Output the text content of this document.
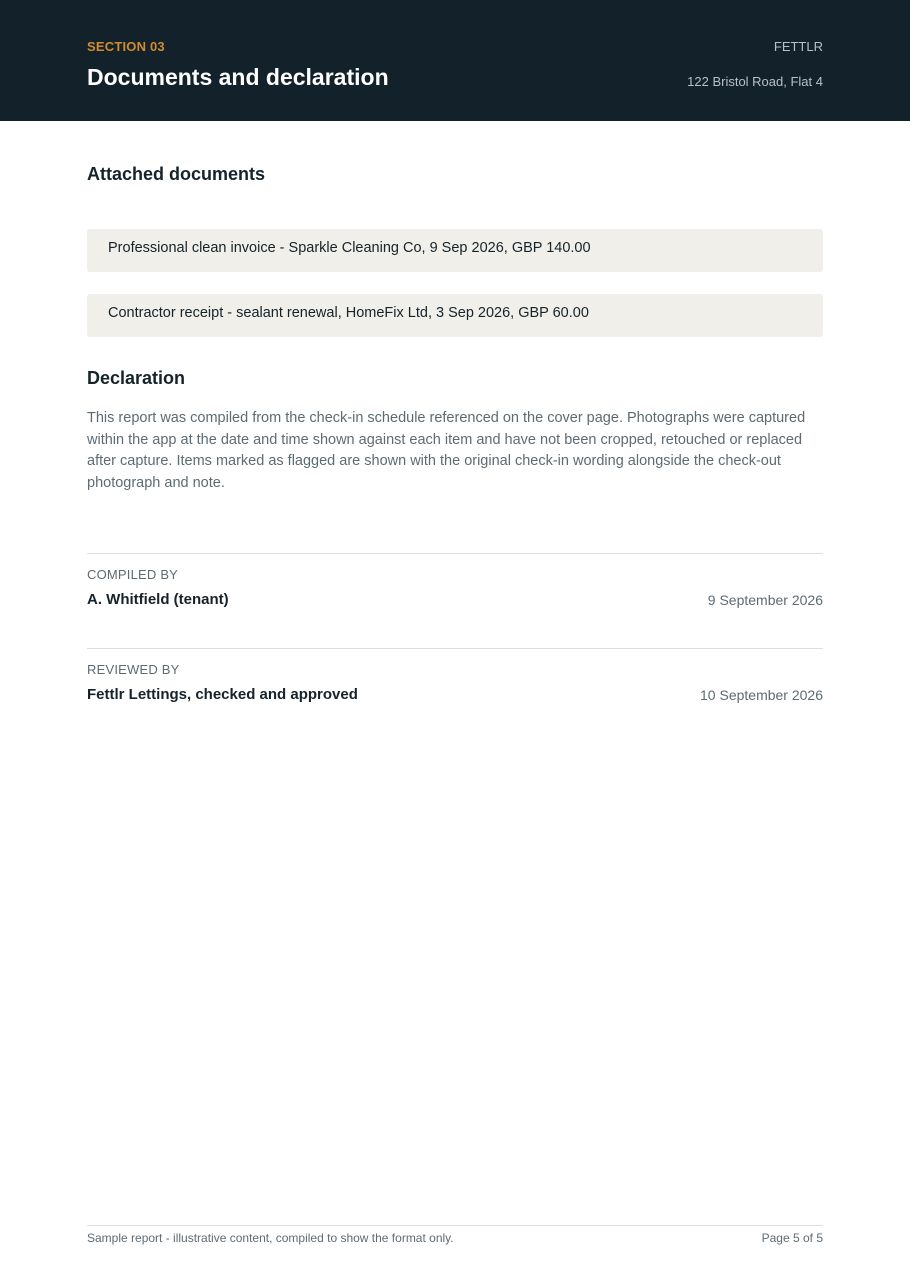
SECTION 03
Documents and declaration
FETTLR
122 Bristol Road, Flat 4
Attached documents
Professional clean invoice - Sparkle Cleaning Co, 9 Sep 2026, GBP 140.00
Contractor receipt - sealant renewal, HomeFix Ltd, 3 Sep 2026, GBP 60.00
Declaration
This report was compiled from the check-in schedule referenced on the cover page. Photographs were captured within the app at the date and time shown against each item and have not been cropped, retouched or replaced after capture. Items marked as flagged are shown with the original check-in wording alongside the check-out photograph and note.
COMPILED BY
A. Whitfield (tenant)	9 September 2026
REVIEWED BY
Fettlr Lettings, checked and approved	10 September 2026
Sample report - illustrative content, compiled to show the format only.	Page 5 of 5
